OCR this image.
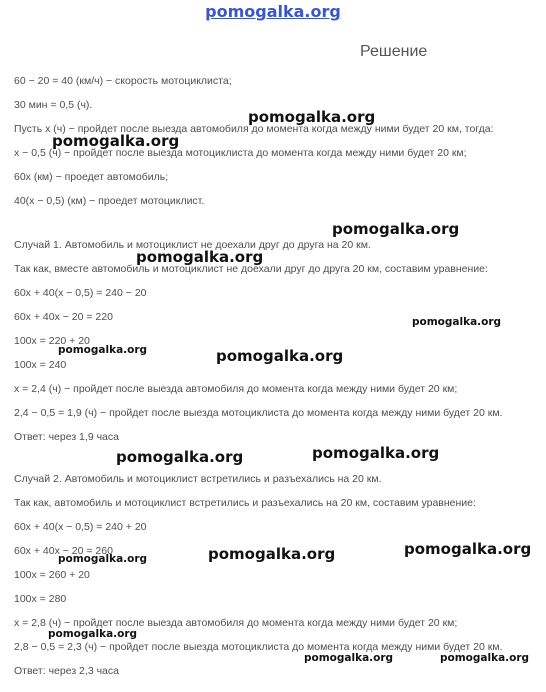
pomogalka.org
Решение
60 − 20 = 40 (км/ч) − скорость мотоциклиста;
30 мин = 0,5 (ч).
Пусть x (ч) − пройдет после выезда автомобиля до момента когда между ними будет 20 км, тогда:
x − 0,5 (ч) − пройдет после выезда мотоциклиста до момента когда между ними будет 20 км;
60x (км) − проедет автомобиль;
40(x − 0,5) (км) − проедет мотоциклист.
Случай 1. Автомобиль и мотоциклист не доехали друг до друга на 20 км.
Так как, вместе автомобиль и мотоциклист не доехали друг до друга 20 км, составим уравнение:
60x + 40(x − 0,5) = 240 − 20
60x + 40x − 20 = 220
100x = 220 + 20
100x = 240
x = 2,4 (ч) − пройдет после выезда автомобиля до момента когда между ними будет 20 км;
2,4 − 0,5 = 1,9 (ч) − пройдет после выезда мотоциклиста до момента когда между ними будет 20 км.
Ответ: через 1,9 часа
Случай 2. Автомобиль и мотоциклист встретились и разъехались на 20 км.
Так как, автомобиль и мотоциклист встретились и разъехались на 20 км, составим уравнение:
60x + 40(x − 0,5) = 240 + 20
60x + 40x − 20 = 260
100x = 260 + 20
100x = 280
x = 2,8 (ч) − пройдет после выезда автомобиля до момента когда между ними будет 20 км;
2,8 − 0,5 = 2,3 (ч) − пройдет после выезда мотоциклиста до момента когда между ними будет 20 км.
Ответ: через 2,3 часа
pomogalka.org
pomogalka.org
pomogalka.org
pomogalka.org
pomogalka.org
pomogalka.org	pomogalka.org
pomogalka.org
pomogalka.org
pomogalka.org
pomogalka.org
pomogalka.org
pomogalka.org
pomogalka.org	pomogalka.org
